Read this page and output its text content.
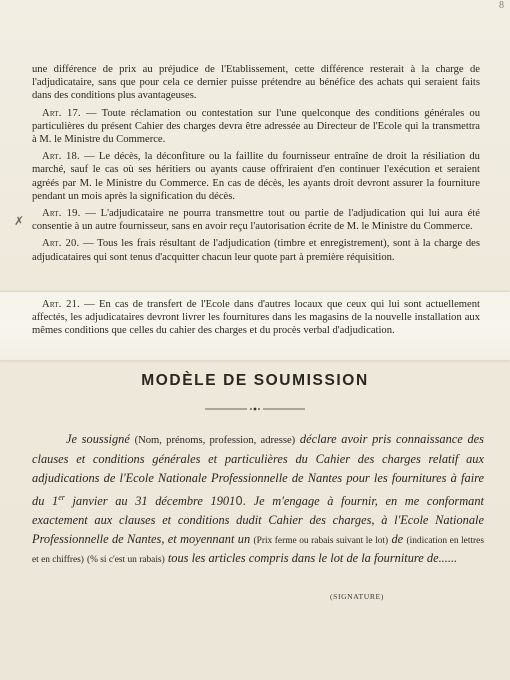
8
✗

une différence de prix au préjudice de l'Etablissement, cette différence resterait à la charge de l'adjudicataire, sans que pour cela ce dernier puisse prétendre au bénéfice des achats qui seraient faits dans des conditions plus avantageuses.

Art. 17. — Toute réclamation ou contestation sur l'une quelconque des conditions générales ou particulières du présent Cahier des charges devra être adressée au Directeur de l'Ecole qui la transmettra à M. le Ministre du Commerce.

Art. 18. — Le décès, la déconfiture ou la faillite du fournisseur entraîne de droit la résiliation du marché, sauf le cas où ses héritiers ou ayants cause offriraient d'en continuer l'exécution et seraient agréés par M. le Ministre du Commerce. En cas de décès, les ayants droit devront assurer la fourniture pendant un mois après la signification du décès.

Art. 19. — L'adjudicataire ne pourra transmettre tout ou partie de l'adjudication qui lui aura été consentie à un autre fournisseur, sans en avoir reçu l'autorisation écrite de M. le Ministre du Commerce.

Art. 20. — Tous les frais résultant de l'adjudication (timbre et enregistrement), sont à la charge des adjudicataires qui sont tenus d'acquitter chacun leur quote part à première réquisition.

Art. 21. — En cas de transfert de l'Ecole dans d'autres locaux que ceux qui lui sont actuellement affectés, les adjudicataires devront livrer les fournitures dans les magasins de la nouvelle installation aux mêmes conditions que celles du cahier des charges et du procès verbal d'adjudication.

MODÈLE DE SOUMISSION
Je soussigné (Nom, prénoms, profession, adresse) déclare avoir pris connaissance des clauses et conditions générales et particulières du Cahier des charges relatif aux adjudications de l'Ecole Nationale Professionnelle de Nantes pour les fournitures à faire du 1er janvier au 31 décembre 19010. Je m'engage à fournir, en me conformant exactement aux clauses et conditions dudit Cahier des charges, à l'Ecole Nationale Professionnelle de Nantes, et moyennant un (Prix ferme ou rabais suivant le lot) de (indication en lettres et en chiffres) (% si c'est un rabais) tous les articles compris dans le lot de la fourniture de......
(SIGNATURE)
